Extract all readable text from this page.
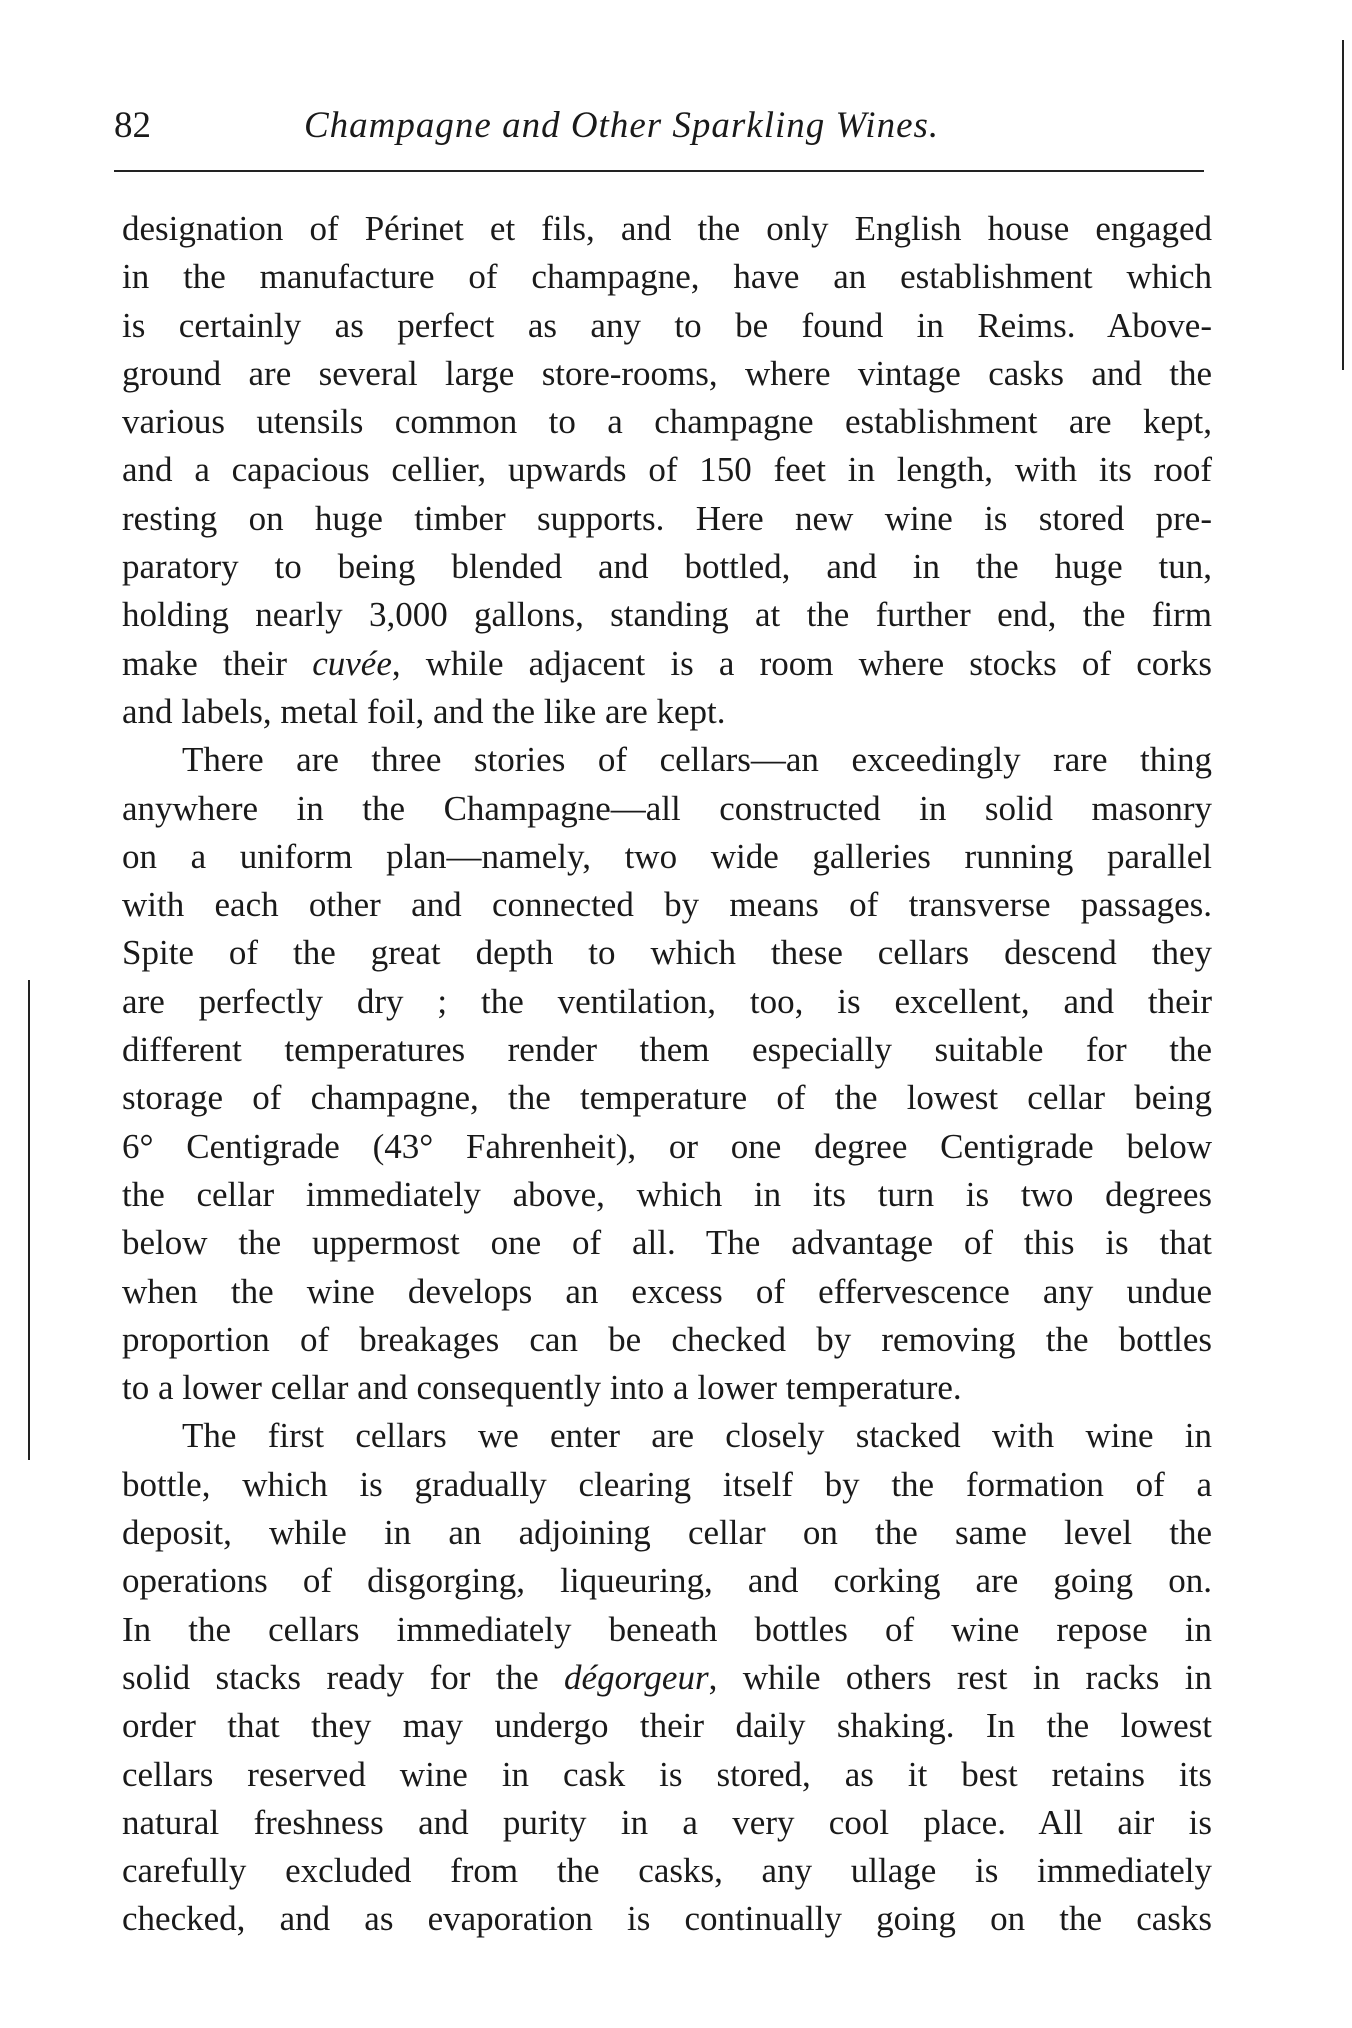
82	Champagne and Other Sparkling Wines.
designation of Périnet et fils, and the only English house engaged
in the manufacture of champagne, have an establishment which
is certainly as perfect as any to be found in Reims. Above-
ground are several large store-rooms, where vintage casks and the
various utensils common to a champagne establishment are kept,
and a capacious cellier, upwards of 150 feet in length, with its roof
resting on huge timber supports. Here new wine is stored pre-
paratory to being blended and bottled, and in the huge tun,
holding nearly 3,000 gallons, standing at the further end, the firm
make their cuvée, while adjacent is a room where stocks of corks
and labels, metal foil, and the like are kept.
There are three stories of cellars—an exceedingly rare thing
anywhere in the Champagne—all constructed in solid masonry
on a uniform plan—namely, two wide galleries running parallel
with each other and connected by means of transverse passages.
Spite of the great depth to which these cellars descend they
are perfectly dry ; the ventilation, too, is excellent, and their
different temperatures render them especially suitable for the
storage of champagne, the temperature of the lowest cellar being
6° Centigrade (43° Fahrenheit), or one degree Centigrade below
the cellar immediately above, which in its turn is two degrees
below the uppermost one of all. The advantage of this is that
when the wine develops an excess of effervescence any undue
proportion of breakages can be checked by removing the bottles
to a lower cellar and consequently into a lower temperature.
The first cellars we enter are closely stacked with wine in
bottle, which is gradually clearing itself by the formation of a
deposit, while in an adjoining cellar on the same level the
operations of disgorging, liqueuring, and corking are going on.
In the cellars immediately beneath bottles of wine repose in
solid stacks ready for the dégorgeur, while others rest in racks in
order that they may undergo their daily shaking. In the lowest
cellars reserved wine in cask is stored, as it best retains its
natural freshness and purity in a very cool place. All air is
carefully excluded from the casks, any ullage is immediately
checked, and as evaporation is continually going on the casks
